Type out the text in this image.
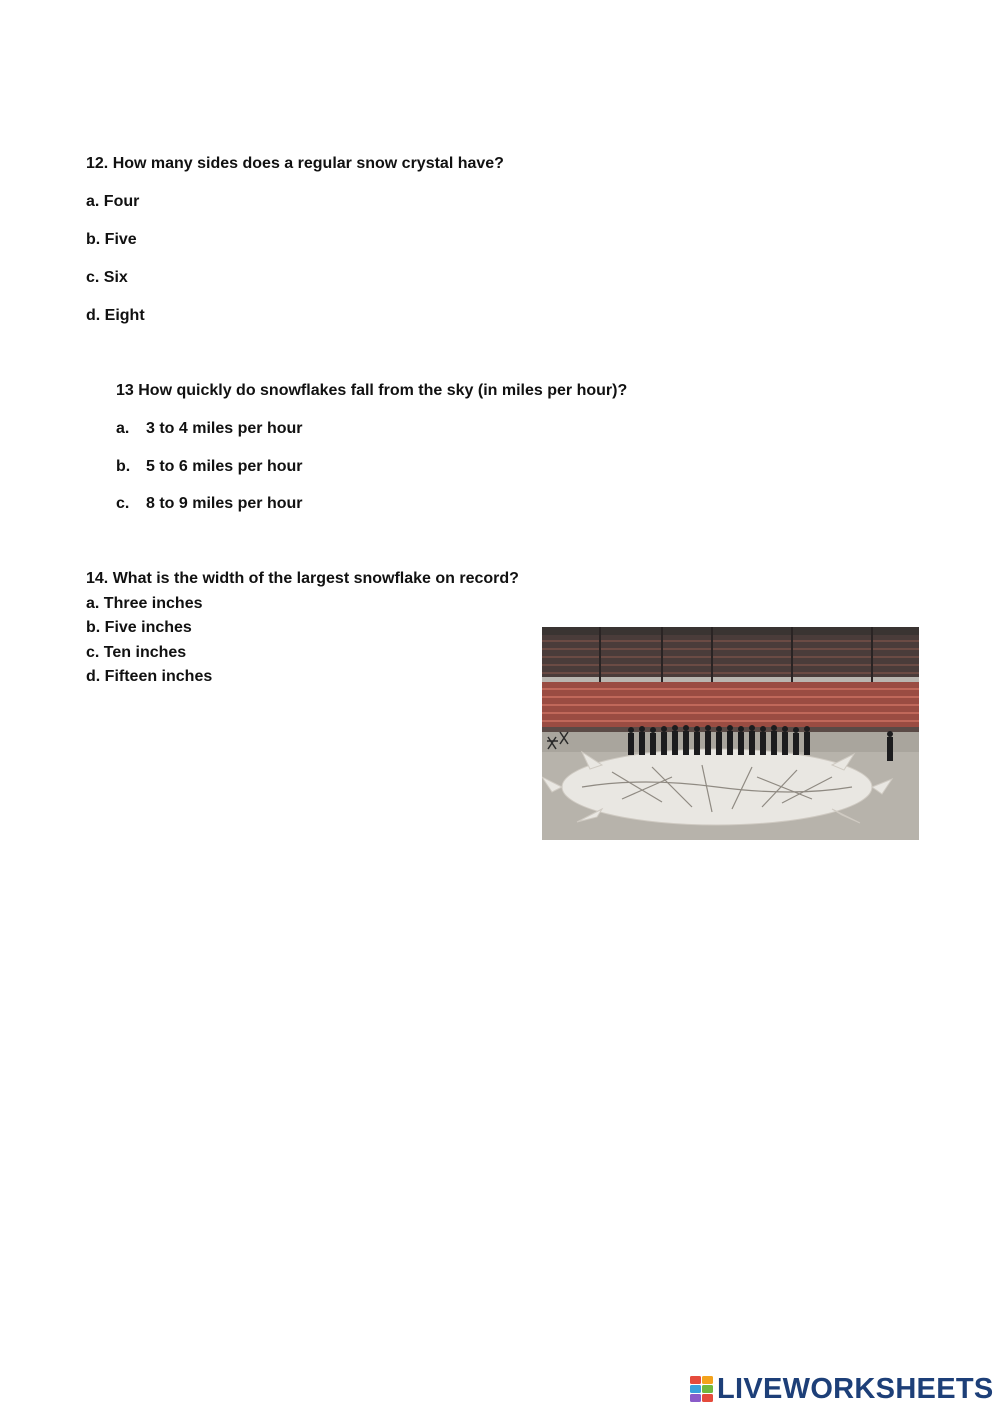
12. How many sides does a regular snow crystal have?
a. Four
b. Five
c. Six
d. Eight
13 How quickly do snowflakes fall from the sky (in miles per hour)?
a. 3 to 4 miles per hour
b. 5 to 6 miles per hour
c. 8 to 9 miles per hour
14. What is the width of the largest snowflake on record?
a. Three inches
b. Five inches
c. Ten inches
d. Fifteen inches
LIVEWORKSHEETS
